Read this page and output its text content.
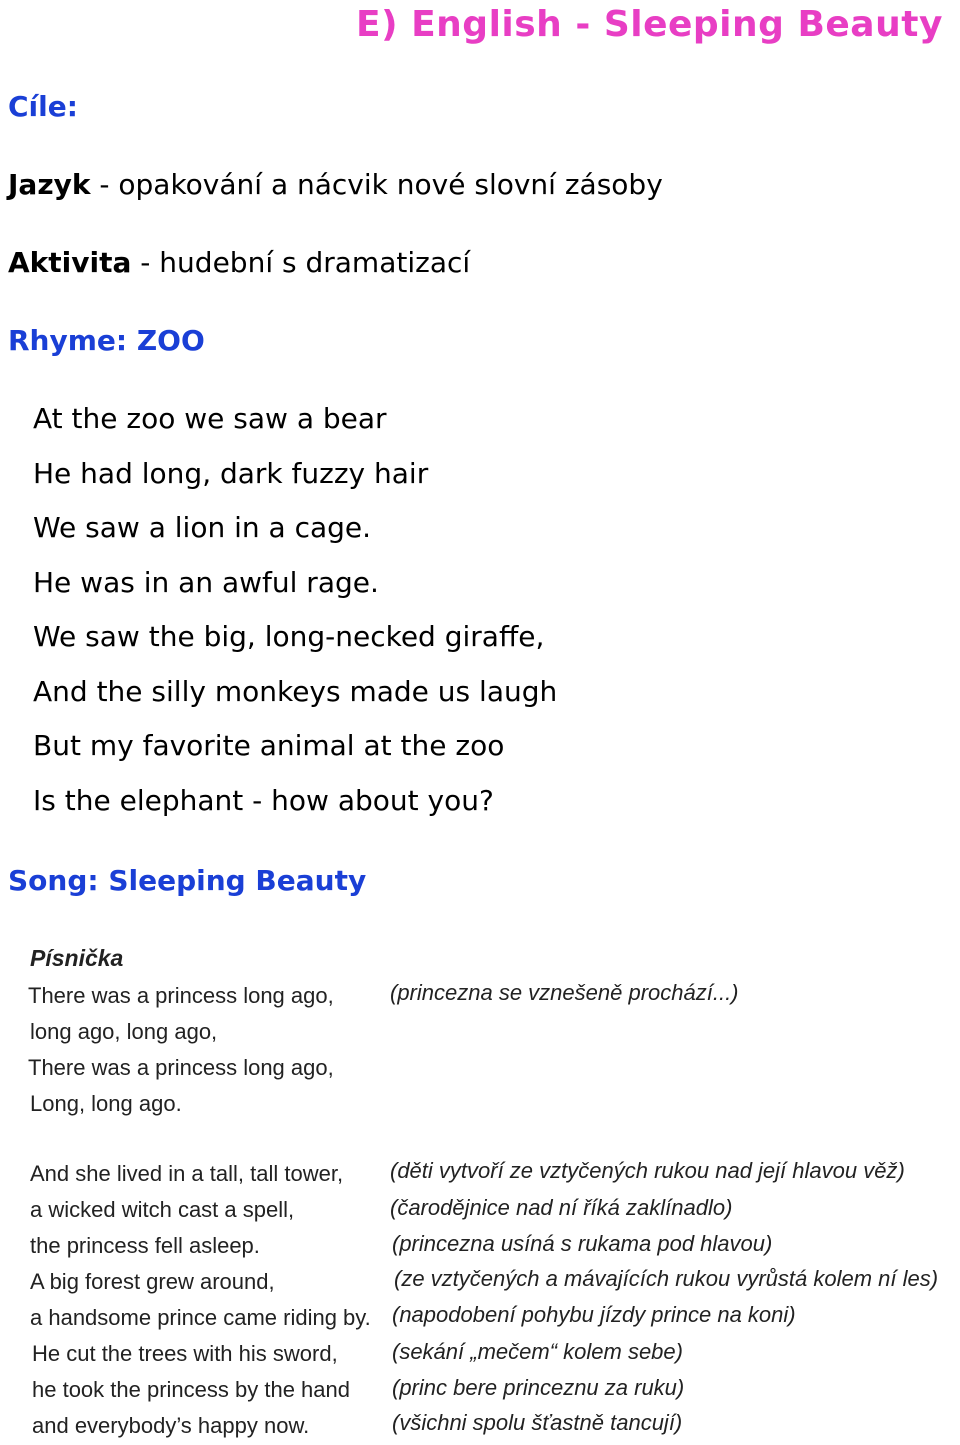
E) English - Sleeping Beauty
Cíle:
Jazyk - opakování a nácvik nové slovní zásoby
Aktivita - hudební s dramatizací
Rhyme: ZOO
At the zoo we saw a bear
He had long, dark fuzzy hair
We saw a lion in a cage.
He was in an awful rage.
We saw the big, long-necked giraffe,
And the silly monkeys made us laugh
But my favorite animal at the zoo
Is the elephant - how about you?
Song: Sleeping Beauty
Písnička
There was a princess long ago,
long ago, long ago,
There was a princess long ago,
Long, long ago.
(princezna se vznešeně prochází...)
And she lived in a tall, tall tower,
a wicked witch cast a spell,
the princess fell asleep.
A big forest grew around,
a handsome prince came riding by.
He cut the trees with his sword,
he took the princess by the hand
and everybody’s happy now.
(děti vytvoří ze vztyčených rukou nad její hlavou věž)
(čarodějnice nad ní říká zaklínadlo)
(princezna usíná s rukama pod hlavou)
(ze vztyčených a mávajících rukou vyrůstá kolem ní les)
(napodobení pohybu jízdy prince na koni)
(sekání „mečem“ kolem sebe)
(princ bere princeznu za ruku)
(všichni spolu šťastně tancují)
